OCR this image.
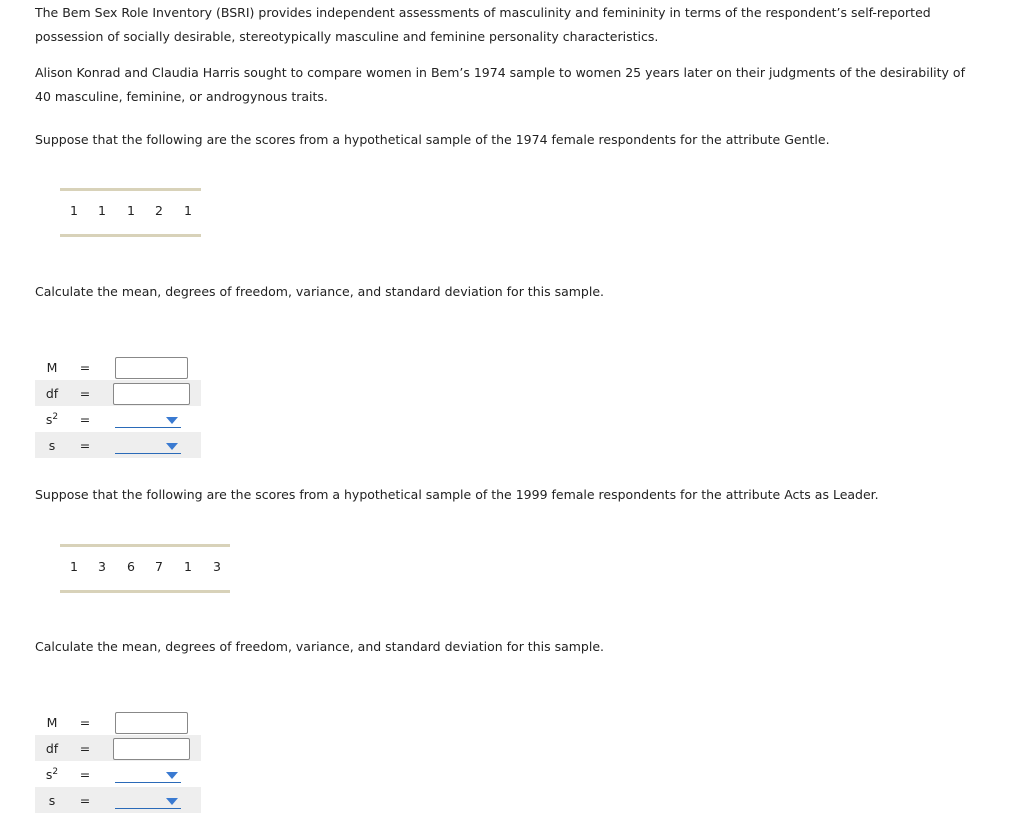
The Bem Sex Role Inventory (BSRI) provides independent assessments of masculinity and femininity in terms of the respondent’s self-reported
possession of socially desirable, stereotypically masculine and feminine personality characteristics.

Alison Konrad and Claudia Harris sought to compare women in Bem’s 1974 sample to women 25 years later on their judgments of the desirability of
40 masculine, feminine, or androgynous traits.

Suppose that the following are the scores from a hypothetical sample of the 1974 female respondents for the attribute Gentle.

1 1 1 2 1

Calculate the mean, degrees of freedom, variance, and standard deviation for this sample.

M	=
df	=
$s^2$	=
s	=

Suppose that the following are the scores from a hypothetical sample of the 1999 female respondents for the attribute Acts as Leader.

1 3 6 7 1 3

Calculate the mean, degrees of freedom, variance, and standard deviation for this sample.

M	=
df	=
$s^2$	=
s	=
